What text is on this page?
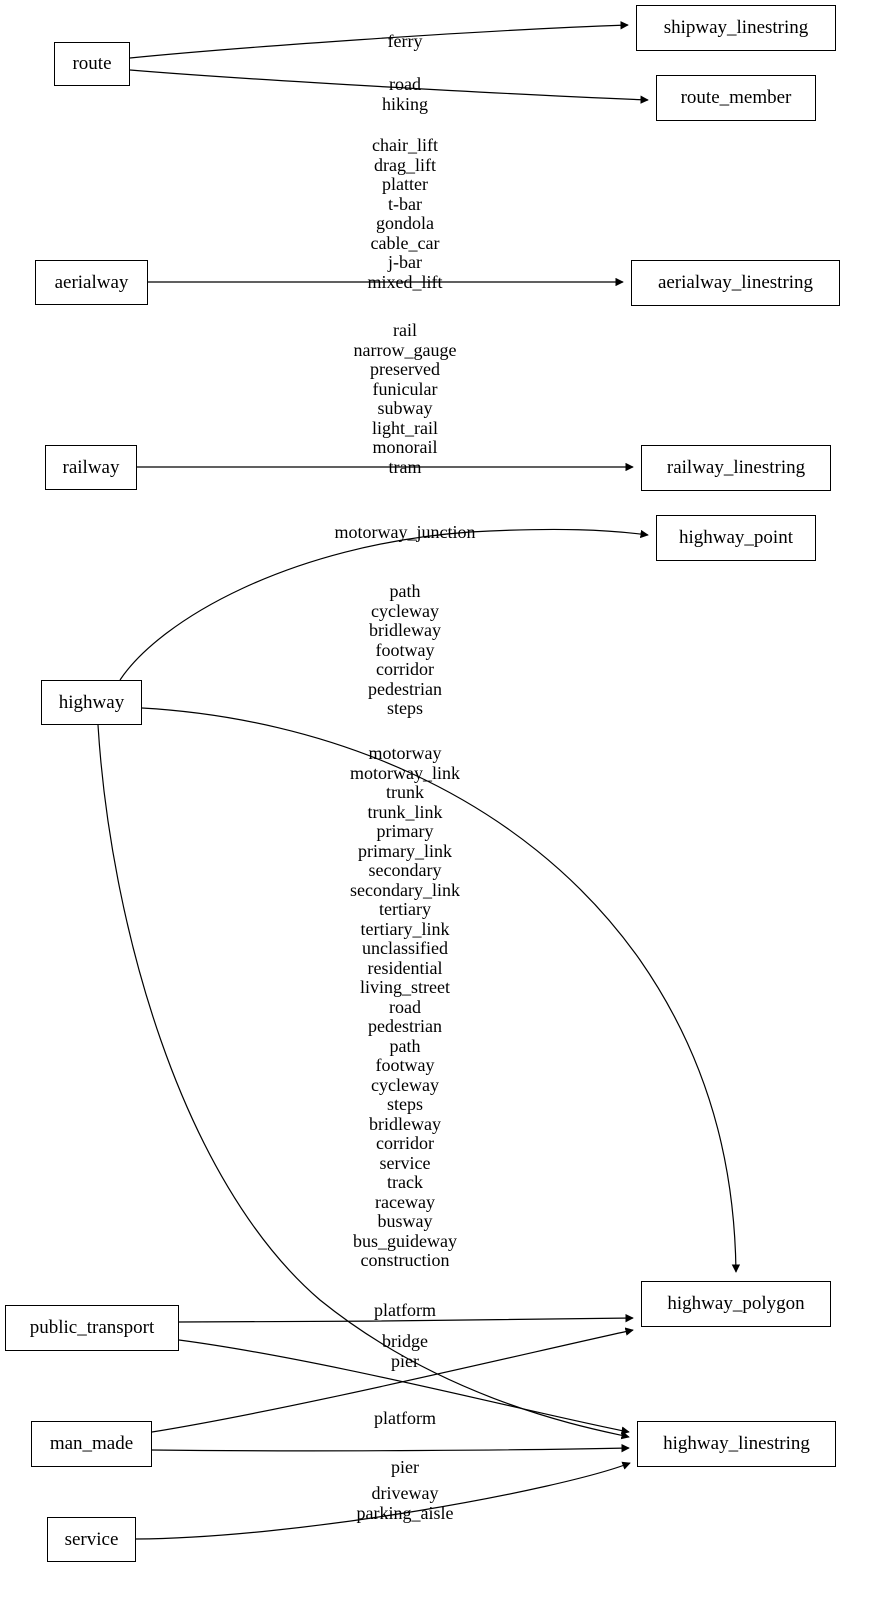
route
shipway_linestring
route_member
aerialway	aerialway_linestring
railway	railway_linestring
highway_point
highway
public_transport
highway_polygon
man_made	highway_linestring
service
ferry
road
hiking
chair_lift
drag_lift
platter
t-bar
gondola
cable_car
j-bar
mixed_lift
rail
narrow_gauge
preserved
funicular
subway
light_rail
monorail
tram
motorway_junction
path
cycleway
bridleway
footway
corridor
pedestrian
steps
motorway
motorway_link
trunk
trunk_link
primary
primary_link
secondary
secondary_link
tertiary
tertiary_link
unclassified
residential
living_street
road
pedestrian
path
footway
cycleway
steps
bridleway
corridor
service
track
raceway
busway
bus_guideway
construction
platform
bridge
pier
platform
pier
driveway
parking_aisle
